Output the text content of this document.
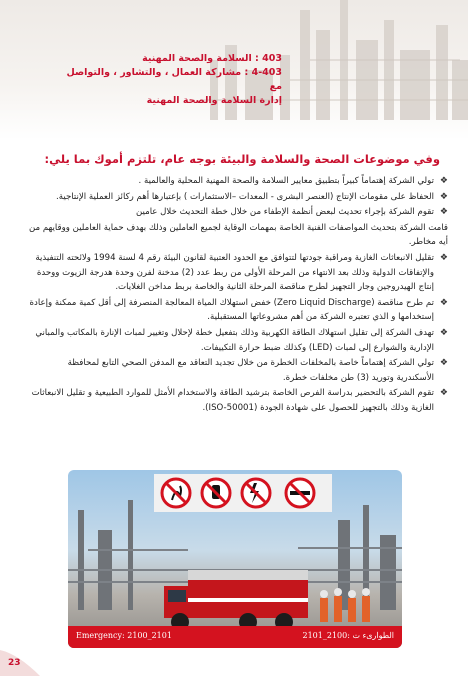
403 : السلامة والصحة المهنية
4-403 : مشاركة العمال ، والتشاور ، والتواصل مع
إدارة السلامة والصحة المهنية
وفي موضوعات الصحة والسلامة والبيئة بوجه عام، تلتزم أموك بما يلي:

❖
تولي الشركة إهتماماً كبيراً بتطبيق معايير السلامة والصحة المهنية المحلية والعالمية .

❖
الحفاظ على مقومات الإنتاج (العنصر البشرى - المعدات –الاستثمارات ) بإعتبارها أهم ركائز العملية الإنتاجية.

❖
تقوم الشركة بإجراء تحديث لبعض أنظمة الإطفاء من خلال خطة التحديث خلال عامين

قامت الشركة بتحديث المواصفات الفنية الخاصة بمهمات الوقاية لجميع العاملين وذلك بهدف حماية العاملين ووقايهم من أيه مخاطر.

❖
تقليل الانبعاثات الغازية ومراقبة جودتها لتتوافق مع الحدود العتبية لقانون البيئة رقم 4 لسنة 1994 ولائحته التنفيذية والإتفاقات الدولية وذلك بعد الانتهاء من المرحلة الأولى من ربط عدد (2) مدخنة لفرن وحدة هدرجة الزيوت ووحدة إنتاج الهيدروجين وجار التجهيز لطرح مناقصة المرحلة الثانية والخاصة بربط مداخن الغلايات.

❖
تم طرح مناقصة (Zero Liquid Discharge) خفض استهلاك المياة المعالجة المنصرفة إلى أقل كمية ممكنة وإعادة إستخدامها و الذي تعتبره الشركة من أهم مشروعاتها المستقبلية.

❖
تهدف الشركة إلى تقليل استهلاك الطاقة الكهربية وذلك بتفعيل خطة لإحلال وتغيير لمبات الإنارة بالمكاتب والمباني الإدارية والشوارع إلى لمبات (LED) وكذلك ضبط حرارة التكييفات.

❖
تولي الشركة إهتماماً خاصة بالمخلفات الخطرة من خلال تجديد التعاقد مع المدفن الصحي التابع لمحافظة الأسكندرية وتوريد (3) طن مخلفات خطرة.

❖
تقوم الشركة بالتحضير بدراسة الفرص الخاصة بترشيد الطاقة والاستخدام الأمثل للموارد الطبيعية و تقليل الانبعاثات الغازية وذلك بالتجهيز للحصول على شهادة الجودة (ISO-50001).

Emergency: 2100_2101	الطوارىء ت :2100_2101
23
